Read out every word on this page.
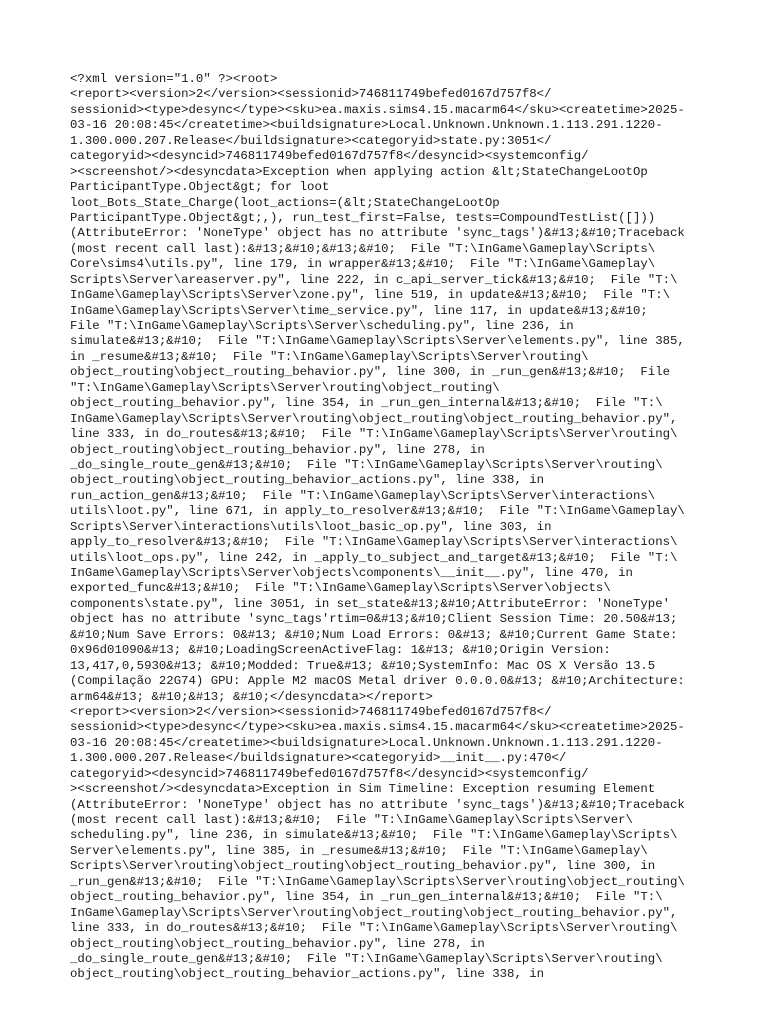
<?xml version="1.0" ?><root>
<report><version>2</version><sessionid>746811749befed0167d757f8</
sessionid><type>desync</type><sku>ea.maxis.sims4.15.macarm64</sku><createtime>2025-
03-16 20:08:45</createtime><buildsignature>Local.Unknown.Unknown.1.113.291.1220-
1.300.000.207.Release</buildsignature><categoryid>state.py:3051</
categoryid><desyncid>746811749befed0167d757f8</desyncid><systemconfig/
><screenshot/><desyncdata>Exception when applying action &lt;StateChangeLootOp
ParticipantType.Object&gt; for loot
loot_Bots_State_Charge(loot_actions=(&lt;StateChangeLootOp
ParticipantType.Object&gt;,), run_test_first=False, tests=CompoundTestList([]))
(AttributeError: 'NoneType' object has no attribute 'sync_tags')&#13;&#10;Traceback
(most recent call last):&#13;&#10;&#13;&#10;  File "T:\InGame\Gameplay\Scripts\
Core\sims4\utils.py", line 179, in wrapper&#13;&#10;  File "T:\InGame\Gameplay\
Scripts\Server\areaserver.py", line 222, in c_api_server_tick&#13;&#10;  File "T:\
InGame\Gameplay\Scripts\Server\zone.py", line 519, in update&#13;&#10;  File "T:\
InGame\Gameplay\Scripts\Server\time_service.py", line 117, in update&#13;&#10;
File "T:\InGame\Gameplay\Scripts\Server\scheduling.py", line 236, in
simulate&#13;&#10;  File "T:\InGame\Gameplay\Scripts\Server\elements.py", line 385,
in _resume&#13;&#10;  File "T:\InGame\Gameplay\Scripts\Server\routing\
object_routing\object_routing_behavior.py", line 300, in _run_gen&#13;&#10;  File
"T:\InGame\Gameplay\Scripts\Server\routing\object_routing\
object_routing_behavior.py", line 354, in _run_gen_internal&#13;&#10;  File "T:\
InGame\Gameplay\Scripts\Server\routing\object_routing\object_routing_behavior.py",
line 333, in do_routes&#13;&#10;  File "T:\InGame\Gameplay\Scripts\Server\routing\
object_routing\object_routing_behavior.py", line 278, in
_do_single_route_gen&#13;&#10;  File "T:\InGame\Gameplay\Scripts\Server\routing\
object_routing\object_routing_behavior_actions.py", line 338, in
run_action_gen&#13;&#10;  File "T:\InGame\Gameplay\Scripts\Server\interactions\
utils\loot.py", line 671, in apply_to_resolver&#13;&#10;  File "T:\InGame\Gameplay\
Scripts\Server\interactions\utils\loot_basic_op.py", line 303, in
apply_to_resolver&#13;&#10;  File "T:\InGame\Gameplay\Scripts\Server\interactions\
utils\loot_ops.py", line 242, in _apply_to_subject_and_target&#13;&#10;  File "T:\
InGame\Gameplay\Scripts\Server\objects\components\__init__.py", line 470, in
exported_func&#13;&#10;  File "T:\InGame\Gameplay\Scripts\Server\objects\
components\state.py", line 3051, in set_state&#13;&#10;AttributeError: 'NoneType'
object has no attribute 'sync_tags'rtim=0&#13;&#10;Client Session Time: 20.50&#13;
&#10;Num Save Errors: 0&#13; &#10;Num Load Errors: 0&#13; &#10;Current Game State:
0x96d01090&#13; &#10;LoadingScreenActiveFlag: 1&#13; &#10;Origin Version:
13,417,0,5930&#13; &#10;Modded: True&#13; &#10;SystemInfo: Mac OS X Versão 13.5
(Compilação 22G74) GPU: Apple M2 macOS Metal driver 0.0.0.0&#13; &#10;Architecture:
arm64&#13; &#10;&#13; &#10;</desyncdata></report>
<report><version>2</version><sessionid>746811749befed0167d757f8</
sessionid><type>desync</type><sku>ea.maxis.sims4.15.macarm64</sku><createtime>2025-
03-16 20:08:45</createtime><buildsignature>Local.Unknown.Unknown.1.113.291.1220-
1.300.000.207.Release</buildsignature><categoryid>__init__.py:470</
categoryid><desyncid>746811749befed0167d757f8</desyncid><systemconfig/
><screenshot/><desyncdata>Exception in Sim Timeline: Exception resuming Element
(AttributeError: 'NoneType' object has no attribute 'sync_tags')&#13;&#10;Traceback
(most recent call last):&#13;&#10;  File "T:\InGame\Gameplay\Scripts\Server\
scheduling.py", line 236, in simulate&#13;&#10;  File "T:\InGame\Gameplay\Scripts\
Server\elements.py", line 385, in _resume&#13;&#10;  File "T:\InGame\Gameplay\
Scripts\Server\routing\object_routing\object_routing_behavior.py", line 300, in
_run_gen&#13;&#10;  File "T:\InGame\Gameplay\Scripts\Server\routing\object_routing\
object_routing_behavior.py", line 354, in _run_gen_internal&#13;&#10;  File "T:\
InGame\Gameplay\Scripts\Server\routing\object_routing\object_routing_behavior.py",
line 333, in do_routes&#13;&#10;  File "T:\InGame\Gameplay\Scripts\Server\routing\
object_routing\object_routing_behavior.py", line 278, in
_do_single_route_gen&#13;&#10;  File "T:\InGame\Gameplay\Scripts\Server\routing\
object_routing\object_routing_behavior_actions.py", line 338, in
